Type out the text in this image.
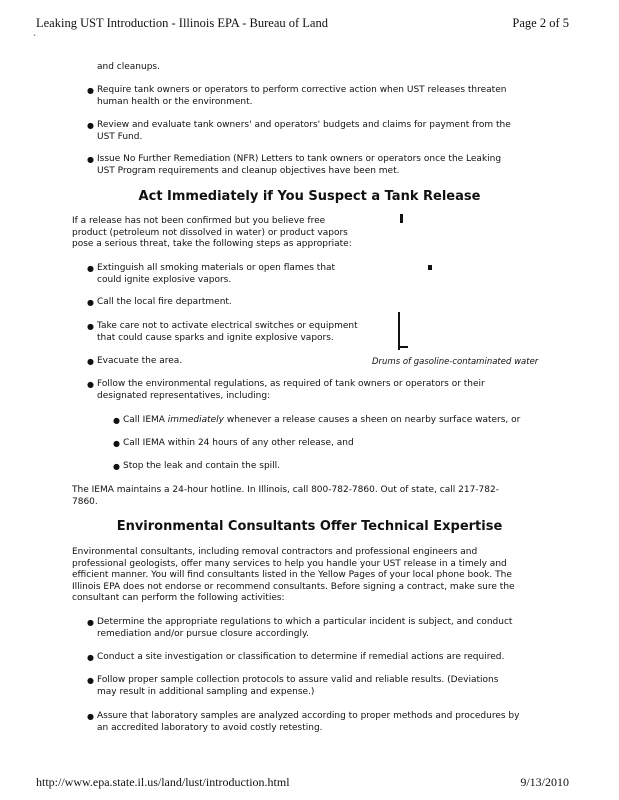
Leaking UST Introduction - Illinois EPA - Bureau of Land	Page 2 of 5
`
and cleanups.
● Require tank owners or operators to perform corrective action when UST releases threaten
human health or the environment.
● Review and evaluate tank owners' and operators' budgets and claims for payment from the
UST Fund.
● Issue No Further Remediation (NFR) Letters to tank owners or operators once the Leaking
UST Program requirements and cleanup objectives have been met.
Act Immediately if You Suspect a Tank Release
If a release has not been confirmed but you believe free
product (petroleum not dissolved in water) or product vapors
pose a serious threat, take the following steps as appropriate:
● Extinguish all smoking materials or open flames that
could ignite explosive vapors.
● Call the local fire department.
● Take care not to activate electrical switches or equipment
that could cause sparks and ignite explosive vapors.
● Evacuate the area.	Drums of gasoline-contaminated water
● Follow the environmental regulations, as required of tank owners or operators or their
designated representatives, including:
● Call IEMA immediately whenever a release causes a sheen on nearby surface waters, or
● Call IEMA within 24 hours of any other release, and
● Stop the leak and contain the spill.
The IEMA maintains a 24-hour hotline. In Illinois, call 800-782-7860. Out of state, call 217-782-
7860.
Environmental Consultants Offer Technical Expertise
Environmental consultants, including removal contractors and professional engineers and
professional geologists, offer many services to help you handle your UST release in a timely and
efficient manner. You will find consultants listed in the Yellow Pages of your local phone book. The
Illinois EPA does not endorse or recommend consultants. Before signing a contract, make sure the
consultant can perform the following activities:
● Determine the appropriate regulations to which a particular incident is subject, and conduct
remediation and/or pursue closure accordingly.
● Conduct a site investigation or classification to determine if remedial actions are required.
● Follow proper sample collection protocols to assure valid and reliable results. (Deviations
may result in additional sampling and expense.)
● Assure that laboratory samples are analyzed according to proper methods and procedures by
an accredited laboratory to avoid costly retesting.
http://www.epa.state.il.us/land/lust/introduction.html	9/13/2010
